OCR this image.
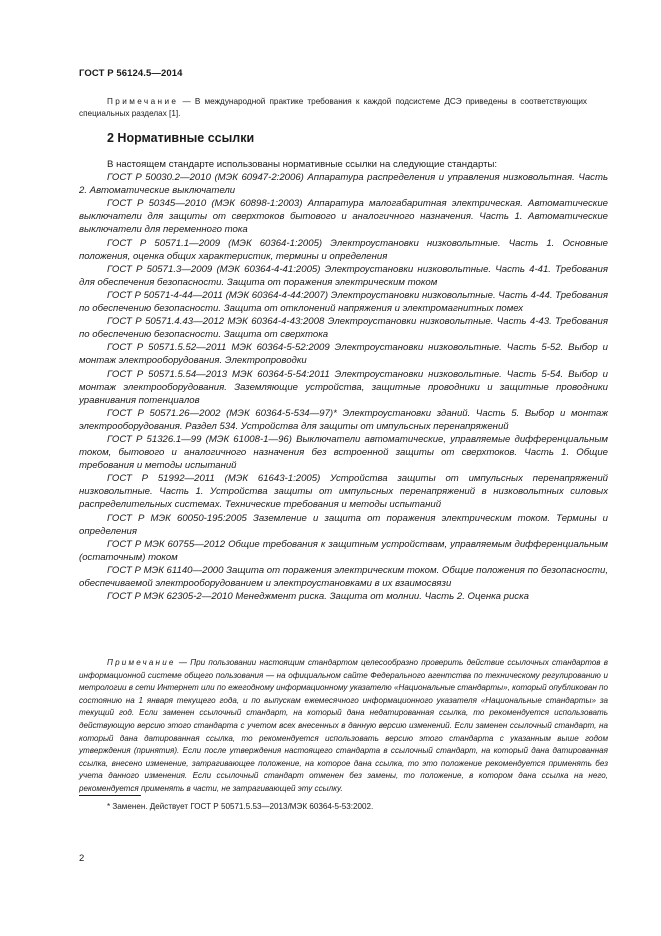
ГОСТ Р 56124.5—2014
Примечание — В международной практике требования к каждой подсистеме ДСЭ приведены в соответствующих специальных разделах [1].
2 Нормативные ссылки

В настоящем стандарте использованы нормативные ссылки на следующие стандарты:

ГОСТ Р 50030.2—2010 (МЭК 60947-2:2006) Аппаратура распределения и управления низковольтная. Часть 2. Автоматические выключатели

ГОСТ Р 50345—2010 (МЭК 60898-1:2003) Аппаратура малогабаритная электрическая. Автоматические выключатели для защиты от сверхтоков бытового и аналогичного назначения. Часть 1. Автоматические выключатели для переменного тока

ГОСТ Р 50571.1—2009 (МЭК 60364-1:2005) Электроустановки низковольтные. Часть 1. Основные положения, оценка общих характеристик, термины и определения

ГОСТ Р 50571.3—2009 (МЭК 60364-4-41:2005) Электроустановки низковольтные. Часть 4-41. Требования для обеспечения безопасности. Защита от поражения электрическим током

ГОСТ Р 50571-4-44—2011 (МЭК 60364-4-44:2007) Электроустановки низковольтные. Часть 4-44. Требования по обеспечению безопасности. Защита от отклонений напряжения и электромагнитных помех

ГОСТ Р 50571.4.43—2012 МЭК 60364-4-43:2008 Электроустановки низковольтные. Часть 4-43. Требования по обеспечению безопасности. Защита от сверхтока

ГОСТ Р 50571.5.52—2011 МЭК 60364-5-52:2009 Электроустановки низковольтные. Часть 5-52. Выбор и монтаж электрооборудования. Электропроводки

ГОСТ Р 50571.5.54—2013 МЭК 60364-5-54:2011 Электроустановки низковольтные. Часть 5-54. Выбор и монтаж электрооборудования. Заземляющие устройства, защитные проводники и защитные проводники уравнивания потенциалов

ГОСТ Р 50571.26—2002 (МЭК 60364-5-534—97)* Электроустановки зданий. Часть 5. Выбор и монтаж электрооборудования. Раздел 534. Устройства для защиты от импульсных перенапряжений

ГОСТ Р 51326.1—99 (МЭК 61008-1—96) Выключатели автоматические, управляемые дифференциальным током, бытового и аналогичного назначения без встроенной защиты от сверхтоков. Часть 1. Общие требования и методы испытаний

ГОСТ Р 51992—2011 (МЭК 61643-1:2005) Устройства защиты от импульсных перенапряжений низковольтные. Часть 1. Устройства защиты от импульсных перенапряжений в низковольтных силовых распределительных системах. Технические требования и методы испытаний

ГОСТ Р МЭК 60050-195:2005 Заземление и защита от поражения электрическим током. Термины и определения

ГОСТ Р МЭК 60755—2012 Общие требования к защитным устройствам, управляемым дифференциальным (остаточным) током

ГОСТ Р МЭК 61140—2000 Защита от поражения электрическим током. Общие положения по безопасности, обеспечиваемой электрооборудованием и электроустановками в их взаимосвязи

ГОСТ Р МЭК 62305-2—2010 Менеджмент риска. Защита от молнии. Часть 2. Оценка риска

Примечание — При пользовании настоящим стандартом целесообразно проверить действие ссылочных стандартов в информационной системе общего пользования — на официальном сайте Федерального агентства по техническому регулированию и метрологии в сети Интернет или по ежегодному информационному указателю «Национальные стандарты», который опубликован по состоянию на 1 января текущего года, и по выпускам ежемесячного информационного указателя «Национальные стандарты» за текущий год. Если заменен ссылочный стандарт, на который дана недатированная ссылка, то рекомендуется использовать действующую версию этого стандарта с учетом всех внесенных в данную версию изменений. Если заменен ссылочный стандарт, на который дана датированная ссылка, то рекомендуется использовать версию этого стандарта с указанным выше годом утверждения (принятия). Если после утверждения настоящего стандарта в ссылочный стандарт, на который дана датированная ссылка, внесено изменение, затрагивающее положение, на которое дана ссылка, то это положение рекомендуется применять без учета данного изменения. Если ссылочный стандарт отменен без замены, то положение, в котором дана ссылка на него, рекомендуется применять в части, не затрагивающей эту ссылку.
* Заменен. Действует ГОСТ Р 50571.5.53—2013/МЭК 60364-5-53:2002.
2
